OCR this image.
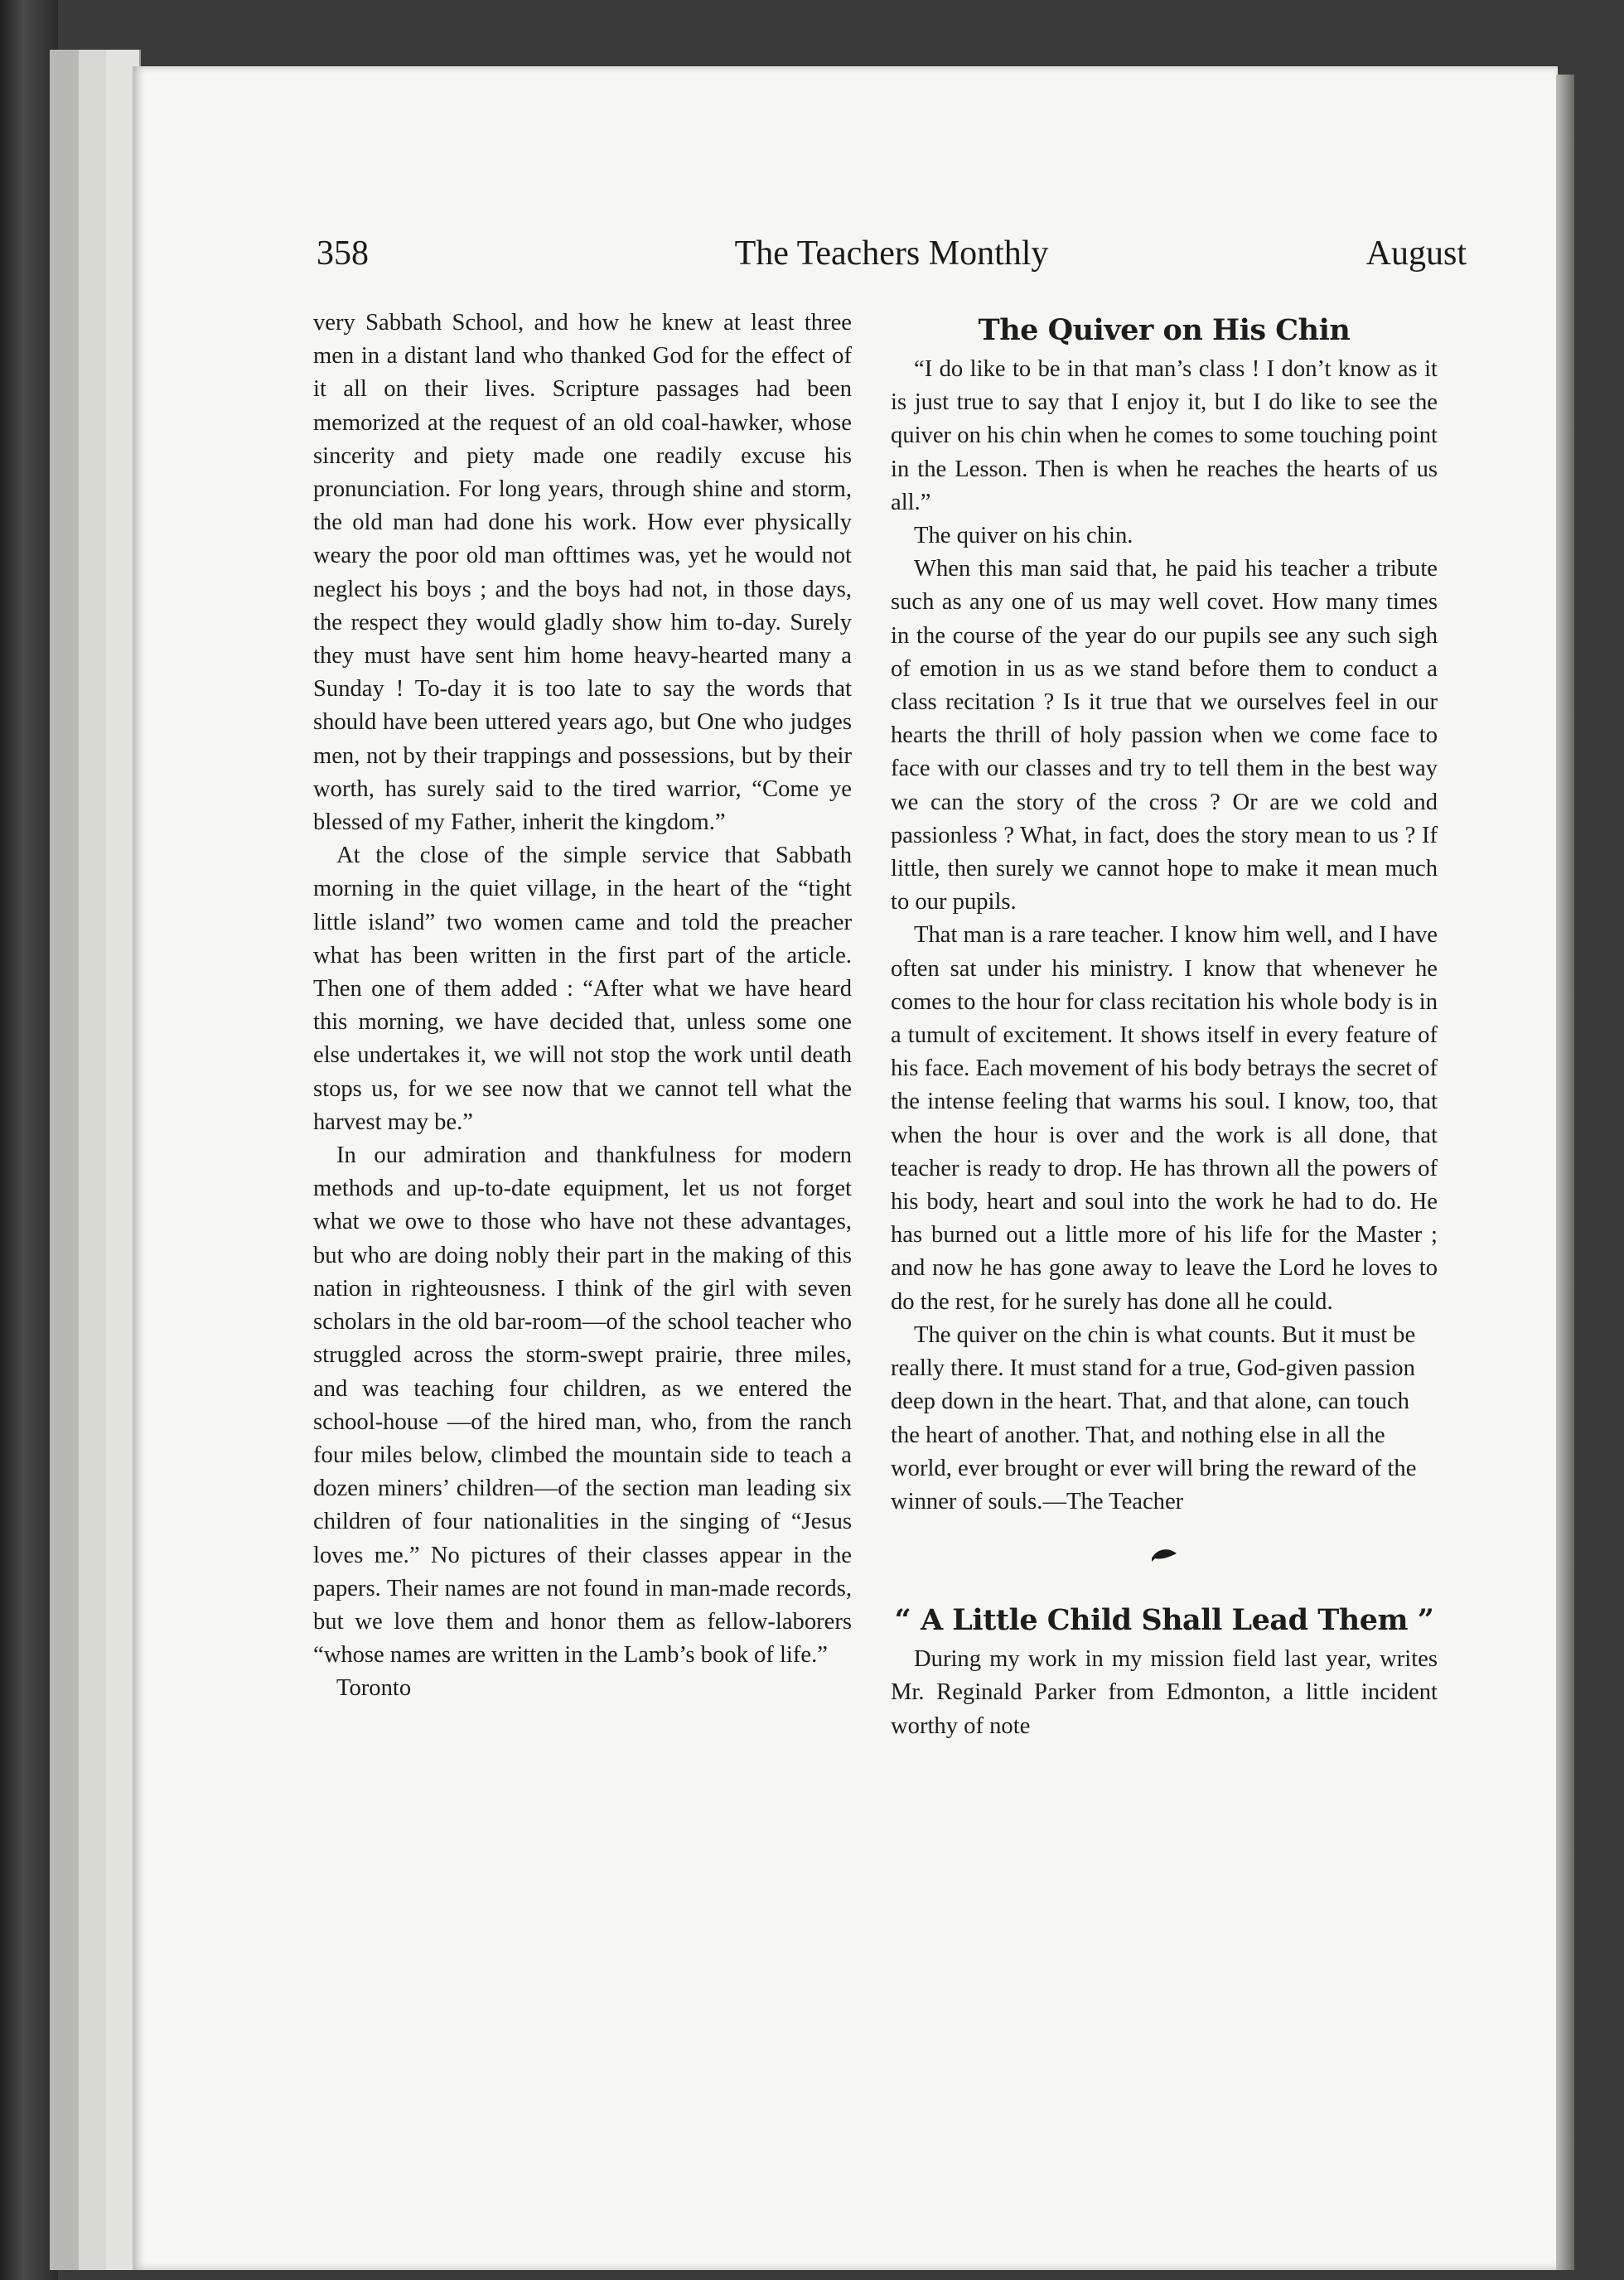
358	The Teachers Monthly	August

very Sabbath School, and how he knew at least three men in a distant land who thanked God for the effect of it all on their lives. Scripture passages had been memorized at the request of an old coal-hawker, whose sincerity and piety made one readily excuse his pronunciation. For long years, through shine and storm, the old man had done his work. How ever physically weary the poor old man ofttimes was, yet he would not neglect his boys ; and the boys had not, in those days, the respect they would gladly show him to-day. Surely they must have sent him home heavy-hearted many a Sunday ! To-day it is too late to say the words that should have been uttered years ago, but One who judges men, not by their trappings and possessions, but by their worth, has surely said to the tired warrior, “Come ye blessed of my Father, inherit the kingdom.”

At the close of the simple service that Sabbath morning in the quiet village, in the heart of the “tight little island” two women came and told the preacher what has been written in the first part of the article. Then one of them added : “After what we have heard this morning, we have decided that, unless some one else undertakes it, we will not stop the work until death stops us, for we see now that we cannot tell what the harvest may be.”

In our admiration and thankfulness for modern methods and up-to-date equipment, let us not forget what we owe to those who have not these advantages, but who are doing nobly their part in the making of this nation in righteousness. I think of the girl with seven scholars in the old bar-room—of the school teacher who struggled across the storm-swept prairie, three miles, and was teaching four children, as we entered the school-house —of the hired man, who, from the ranch four miles below, climbed the mountain side to teach a dozen miners’ children—of the section man leading six children of four nationalities in the singing of “Jesus loves me.” No pictures of their classes appear in the papers. Their names are not found in man-made records, but we love them and honor them as fellow-laborers “whose names are written in the Lamb’s book of life.”

Toronto

The Quiver on His Chin

“I do like to be in that man’s class ! I don’t know as it is just true to say that I enjoy it, but I do like to see the quiver on his chin when he comes to some touching point in the Lesson. Then is when he reaches the hearts of us all.”

The quiver on his chin.

When this man said that, he paid his teacher a tribute such as any one of us may well covet. How many times in the course of the year do our pupils see any such sigh of emotion in us as we stand before them to conduct a class recitation ? Is it true that we ourselves feel in our hearts the thrill of holy passion when we come face to face with our classes and try to tell them in the best way we can the story of the cross ? Or are we cold and passionless ? What, in fact, does the story mean to us ? If little, then surely we cannot hope to make it mean much to our pupils.

That man is a rare teacher. I know him well, and I have often sat under his ministry. I know that whenever he comes to the hour for class recitation his whole body is in a tumult of excitement. It shows itself in every feature of his face. Each movement of his body betrays the secret of the intense feeling that warms his soul. I know, too, that when the hour is over and the work is all done, that teacher is ready to drop. He has thrown all the powers of his body, heart and soul into the work he had to do. He has burned out a little more of his life for the Master ; and now he has gone away to leave the Lord he loves to do the rest, for he surely has done all he could.

The quiver on the chin is what counts. But it must be really there. It must stand for a true, God-given passion deep down in the heart. That, and that alone, can touch the heart of another. That, and nothing else in all the world, ever brought or ever will bring the reward of the winner of souls.—The Teacher

“ A Little Child Shall Lead Them ”

During my work in my mission field last year, writes Mr. Reginald Parker from Edmonton, a little incident worthy of note
